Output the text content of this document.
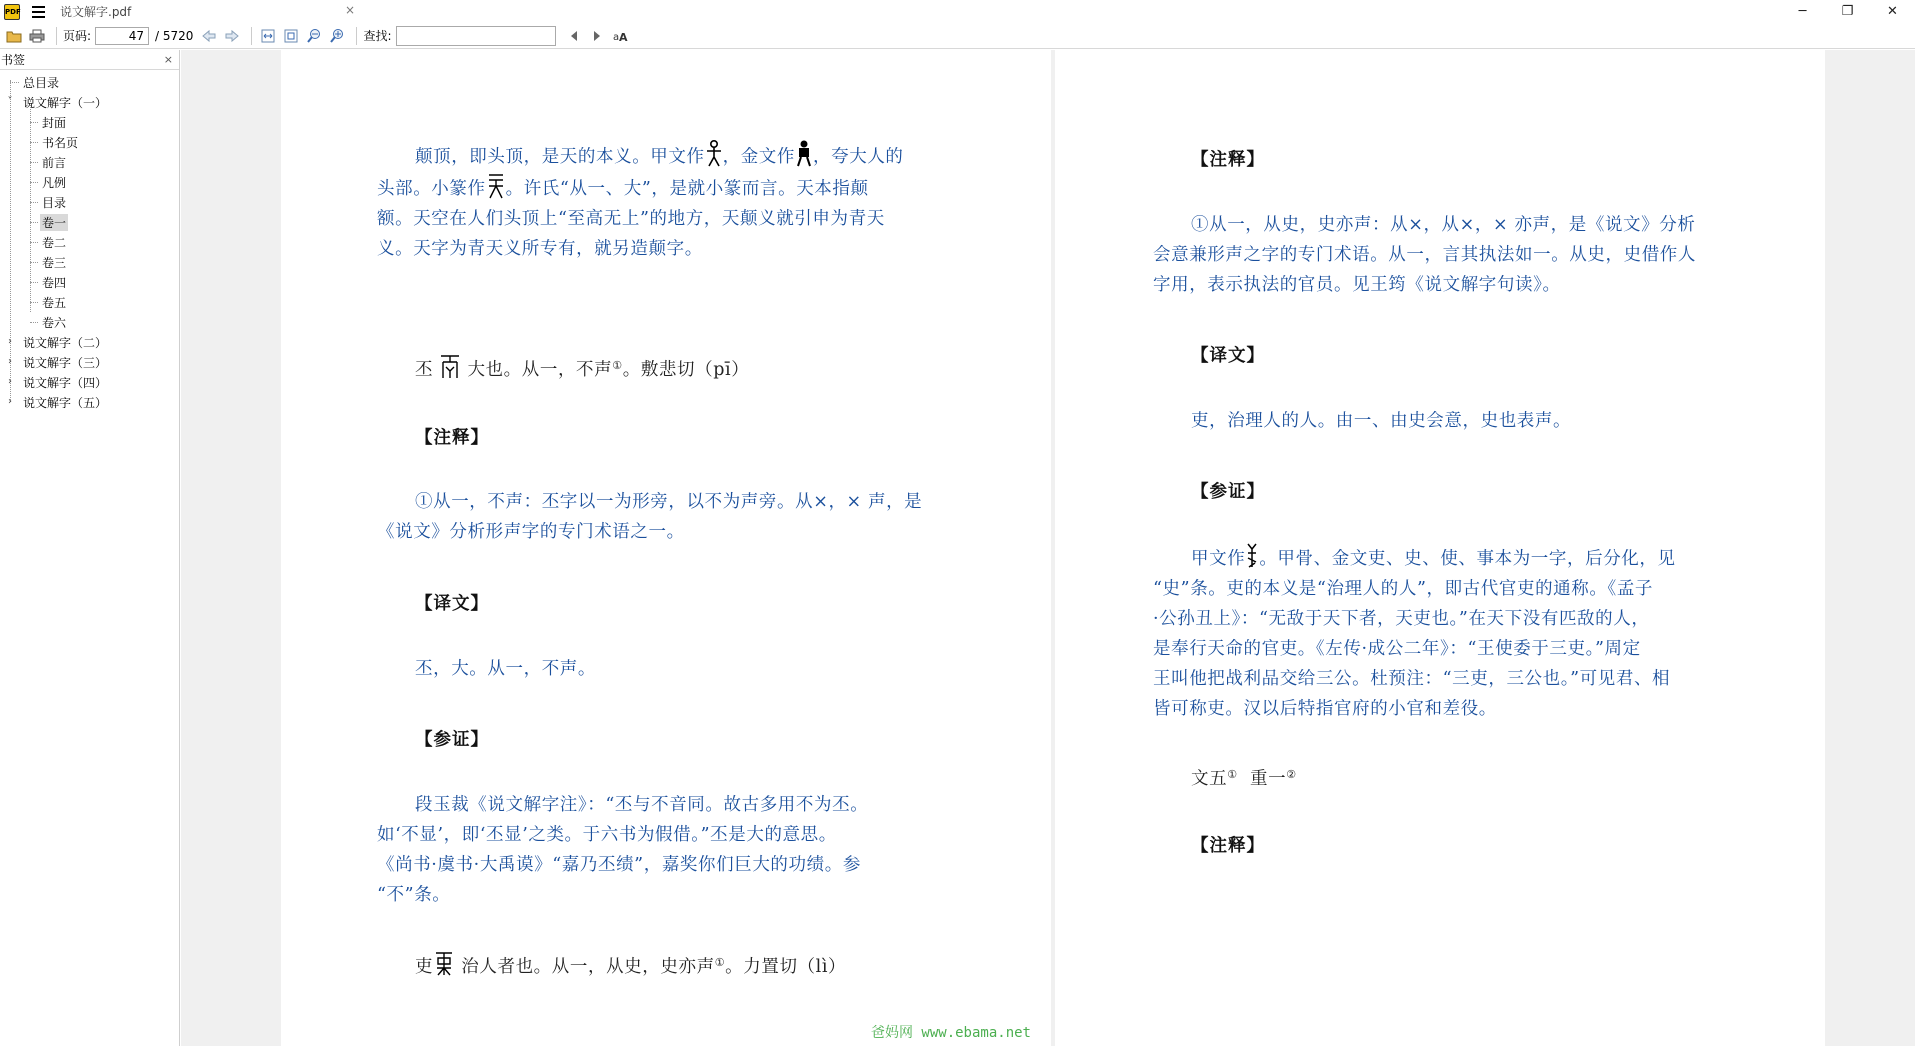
PDF	说文解字.pdf	×	─	❐	✕
页码:
47	/ 5720	查找:	a A
书签	×
总目录
˅ 说文解字（一）
封面
书名页
前言
凡例
目录
卷一
卷二
卷三
卷四
卷五
卷六
› 说文解字（二）
› 说文解字（三）
› 说文解字（四）
› 说文解字（五）
颠顶，即头顶，是天的本义。甲文作 ，金文作 ，夸大人的
头部。小篆作 。许氏“从一、大”，是就小篆而言。天本指颠
额。天空在人们头顶上“至高无上”的地方，天颠义就引申为青天
义。天字为青天义所专有，就另造颠字。
丕 大也。从一，不声①。敷悲切（pī）
【注释】
①从一，不声：丕字以一为形旁，以不为声旁。从×，× 声，是
《说文》分析形声字的专门术语之一。
【译文】
丕，大。从一，不声。
【参证】
段玉裁《说文解字注》：“丕与不音同。故古多用不为丕。
如‘不显’，即‘丕显’之类。于六书为假借。”丕是大的意思。
《尚书·虞书·大禹谟》“嘉乃丕绩”，嘉奖你们巨大的功绩。参
“不”条。
吏 治人者也。从一，从史，史亦声①。力置切（lì）
爸妈网 www.ebama.net
【注释】
①从一，从史，史亦声：从×，从×，× 亦声，是《说文》分析
会意兼形声之字的专门术语。从一，言其执法如一。从史，史借作人
字用，表示执法的官员。见王筠《说文解字句读》。
【译文】
吏，治理人的人。由一、由史会意，史也表声。
【参证】
甲文作 。甲骨、金文吏、史、使、事本为一字，后分化，见
“史”条。吏的本义是“治理人的人”，即古代官吏的通称。《孟子
·公孙丑上》：“无敌于天下者，天吏也。”在天下没有匹敌的人，
是奉行天命的官吏。《左传·成公二年》：“王使委于三吏。”周定
王叫他把战利品交给三公。杜预注：“三吏，三公也。”可见君、相
皆可称吏。汉以后特指官府的小官和差役。
文五① 重一②
【注释】
